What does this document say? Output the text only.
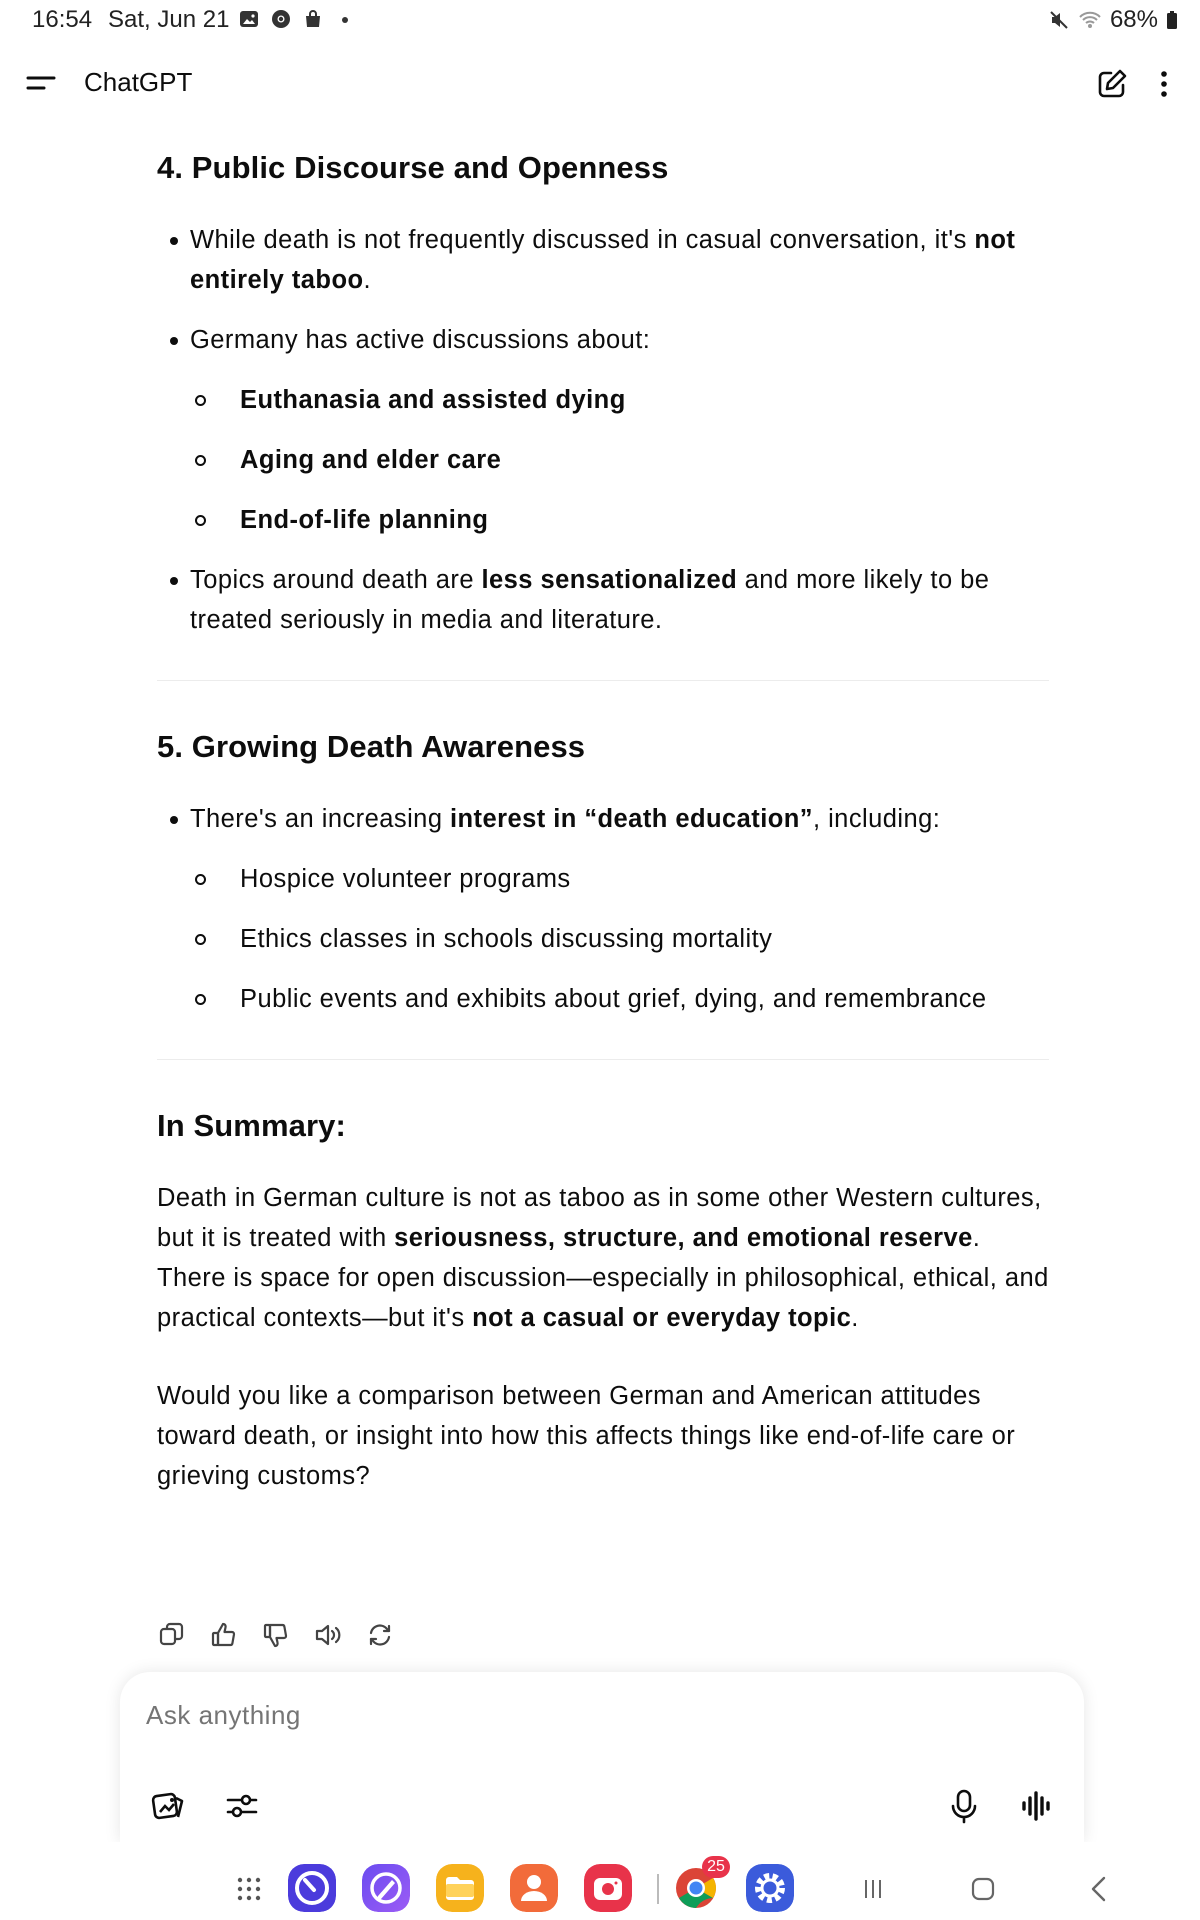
16:54 Sat, Jun 21	68%
ChatGPT
4. Public Discourse and Openness
While death is not frequently discussed in casual conversation, it's not entirely taboo.
Germany has active discussions about:
Euthanasia and assisted dying
Aging and elder care
End-of-life planning
Topics around death are less sensationalized and more likely to be treated seriously in media and literature.
5. Growing Death Awareness
There's an increasing interest in “death education”, including:
Hospice volunteer programs
Ethics classes in schools discussing mortality
Public events and exhibits about grief, dying, and remembrance
In Summary:

Death in German culture is not as taboo as in some other Western cultures, but it is treated with seriousness, structure, and emotional reserve. There is space for open discussion—especially in philosophical, ethical, and practical contexts—but it's not a casual or everyday topic.

Would you like a comparison between German and American attitudes toward death, or insight into how this affects things like end-of-life care or grieving customs?

Ask anything
25
